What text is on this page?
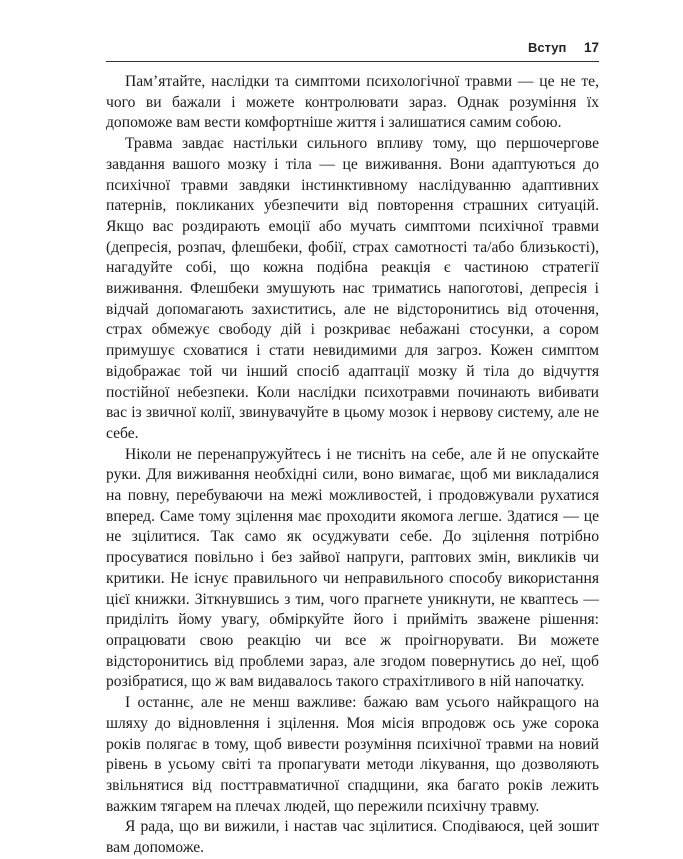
Вступ 17

Пам’ятайте, наслідки та симптоми психологічної травми — це не те, чого ви бажали і можете контролювати зараз. Однак розуміння їх допоможе вам вести комфортніше життя і залишатися самим собою.

Травма завдає настільки сильного впливу тому, що першочергове завдання вашого мозку і тіла — це виживання. Вони адаптуються до психічної травми завдяки інстинктивному наслідуванню адаптивних патернів, покликаних убезпечити від повторення страшних ситуацій. Якщо вас роздирають емоції або мучать симптоми психічної травми (депресія, розпач, флешбеки, фобії, страх самотності та/або близькості), нагадуйте собі, що кожна подібна реакція є частиною стратегії виживання. Флешбеки змушують нас триматись напоготові, депресія і відчай допомагають захиститись, але не відсторонитись від оточення, страх обмежує свободу дій і розкриває небажані стосунки, а сором примушує сховатися і стати невидимими для загроз. Кожен симптом відображає той чи інший спосіб адаптації мозку й тіла до відчуття постійної небезпеки. Коли наслідки психотравми починають вибивати вас із звичної колії, звинувачуйте в цьому мозок і нервову систему, але не себе.

Ніколи не перенапружуйтесь і не тисніть на себе, але й не опускайте руки. Для виживання необхідні сили, воно вимагає, щоб ми викладалися на повну, перебуваючи на межі можливостей, і продовжували рухатися вперед. Саме тому зцілення має проходити якомога легше. Здатися — це не зцілитися. Так само як осуджувати себе. До зцілення потрібно просуватися повільно і без зайвої напруги, раптових змін, викликів чи критики. Не існує правильного чи неправильного способу використання цієї книжки. Зіткнувшись з тим, чого прагнете уникнути, не кваптесь — приділіть йому увагу, обміркуйте його і прийміть зважене рішення: опрацювати свою реакцію чи все ж проігнорувати. Ви можете відсторонитись від проблеми зараз, але згодом повернутись до неї, щоб розібратися, що ж вам видавалось такого страхітливого в ній напочатку.

І останнє, але не менш важливе: бажаю вам усього найкращого на шляху до відновлення і зцілення. Моя місія впродовж ось уже сорока років полягає в тому, щоб вивести розуміння психічної травми на новий рівень в усьому світі та пропагувати методи лікування, що дозволяють звільнятися від посттравматичної спадщини, яка багато років лежить важким тягарем на плечах людей, що пережили психічну травму.

Я рада, що ви вижили, і настав час зцілитися. Сподіваюся, цей зошит вам допоможе.
